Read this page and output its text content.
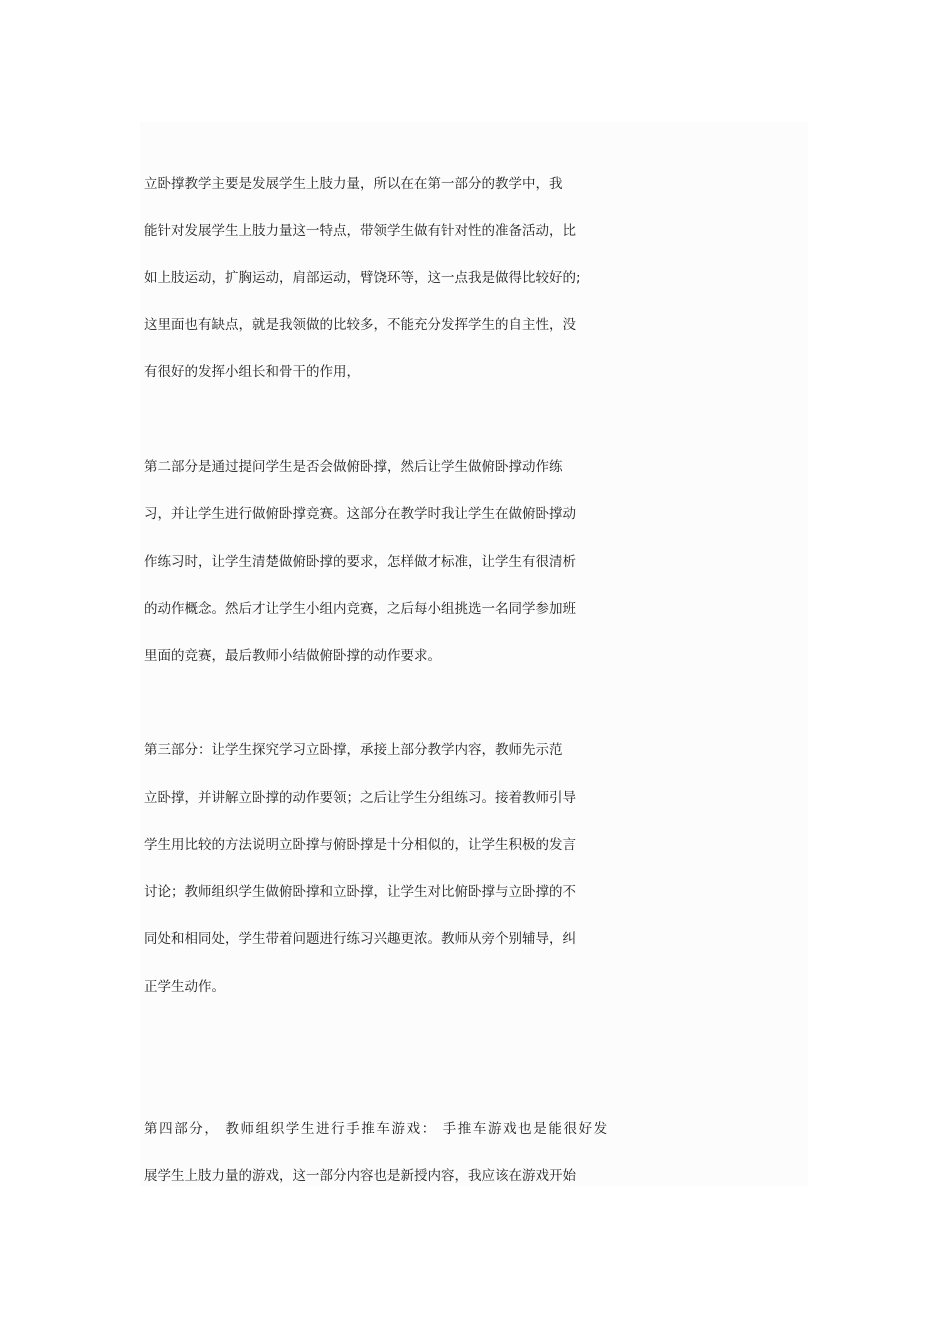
立卧撑教学主要是发展学生上肢力量，所以在在第一部分的教学中，我
能针对发展学生上肢力量这一特点，带领学生做有针对性的准备活动，比
如上肢运动，扩胸运动，肩部运动，臂饶环等，这一点我是做得比较好的;
这里面也有缺点，就是我领做的比较多，不能充分发挥学生的自主性，没
有很好的发挥小组长和骨干的作用，
第二部分是通过提问学生是否会做俯卧撑，然后让学生做俯卧撑动作练
习，并让学生进行做俯卧撑竞赛。这部分在教学时我让学生在做俯卧撑动
作练习时，让学生清楚做俯卧撑的要求，怎样做才标准，让学生有很清析
的动作概念。然后才让学生小组内竞赛，之后每小组挑选一名同学参加班
里面的竞赛，最后教师小结做俯卧撑的动作要求。
第三部分：让学生探究学习立卧撑，承接上部分教学内容，教师先示范
立卧撑，并讲解立卧撑的动作要领；之后让学生分组练习。接着教师引导
学生用比较的方法说明立卧撑与俯卧撑是十分相似的，让学生积极的发言
讨论；教师组织学生做俯卧撑和立卧撑，让学生对比俯卧撑与立卧撑的不
同处和相同处，学生带着问题进行练习兴趣更浓。教师从旁个别辅导，纠
正学生动作。
第四部分， 教师组织学生进行手推车游戏： 手推车游戏也是能很好发
展学生上肢力量的游戏，这一部分内容也是新授内容，我应该在游戏开始
